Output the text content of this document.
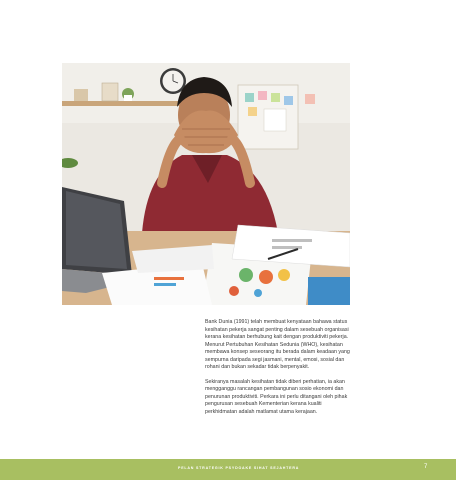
Bank Dunia (1991) telah membuat kenyataan bahawa status kesihatan pekerja sangat penting dalam sesebuah organisasi kerana kesihatan berhubung kait dengan produktiviti pekerja. Menurut Pertubuhan Kesihatan Sedunia (WHO), kesihatan membawa konsep seseorang itu berada dalam keadaan yang sempurna daripada segi jasmani, mental, emosi, sosial dan rohani dan bukan sekadar tidak berpenyakit.

Sekiranya masalah kesihatan tidak diberi perhatian, ia akan mengganggu rancangan pembangunan sosio ekonomi dan penurunan produktiviti. Perkara ini perlu ditangani oleh pihak pengurusan sesebuah Kementerian kerana kualiti perkhidmatan adalah matlamat utama kerajaan.

PELAN STRATEGIK PSYDOAKE SIHAT SEJAHTERA	7
